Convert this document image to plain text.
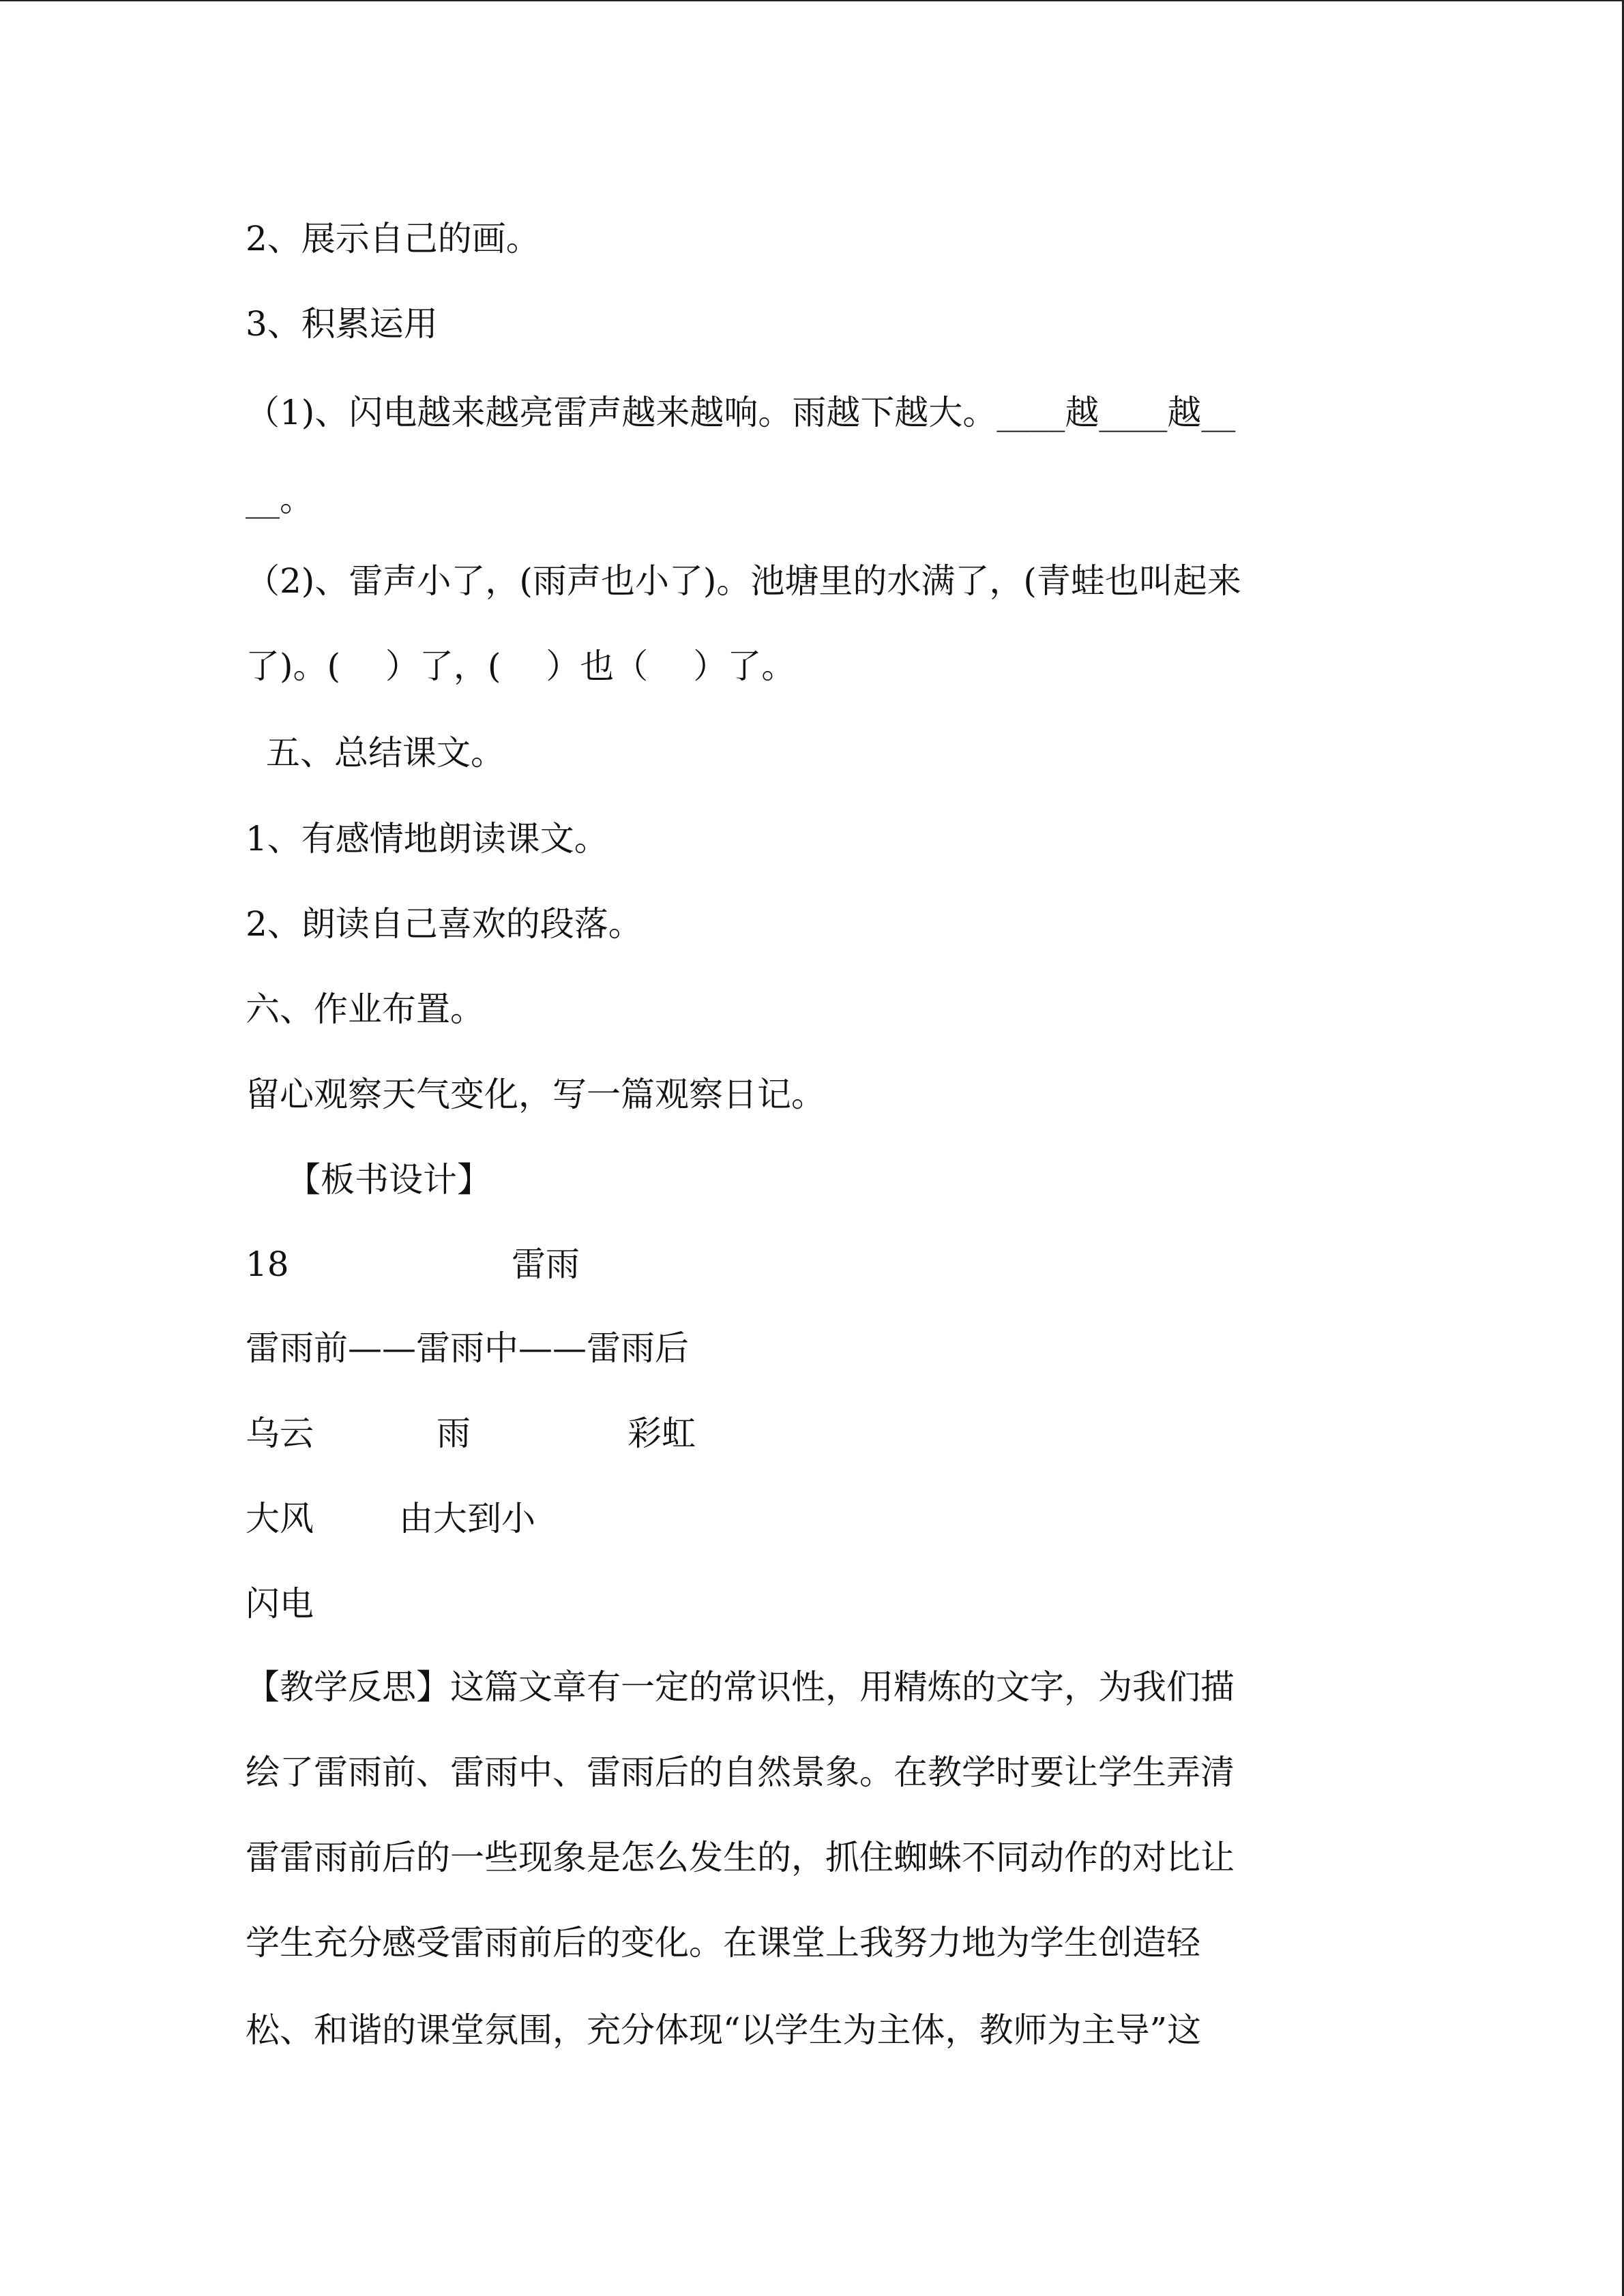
2、展示自己的画。
3、积累运用
（1)、闪电越来越亮雷声越来越响。雨越下越大。____越____越__
__。
（2)、雷声小了，(雨声也小了)。池塘里的水满了，(青蛙也叫起来
了)。(　 ）了，(　 ）也（　 ）了。
五、总结课文。
1、有感情地朗读课文。
2、朗读自己喜欢的段落。
六、作业布置。
留心观察天气变化，写一篇观察日记。
【板书设计】
18	雷雨
雷雨前——雷雨中——雷雨后
乌云	雨	彩虹
大风	由大到小
闪电
【教学反思】这篇文章有一定的常识性，用精炼的文字，为我们描
绘了雷雨前、雷雨中、雷雨后的自然景象。在教学时要让学生弄清
雷雷雨前后的一些现象是怎么发生的，抓住蜘蛛不同动作的对比让
学生充分感受雷雨前后的变化。在课堂上我努力地为学生创造轻
松、和谐的课堂氛围，充分体现“以学生为主体，教师为主导”这
